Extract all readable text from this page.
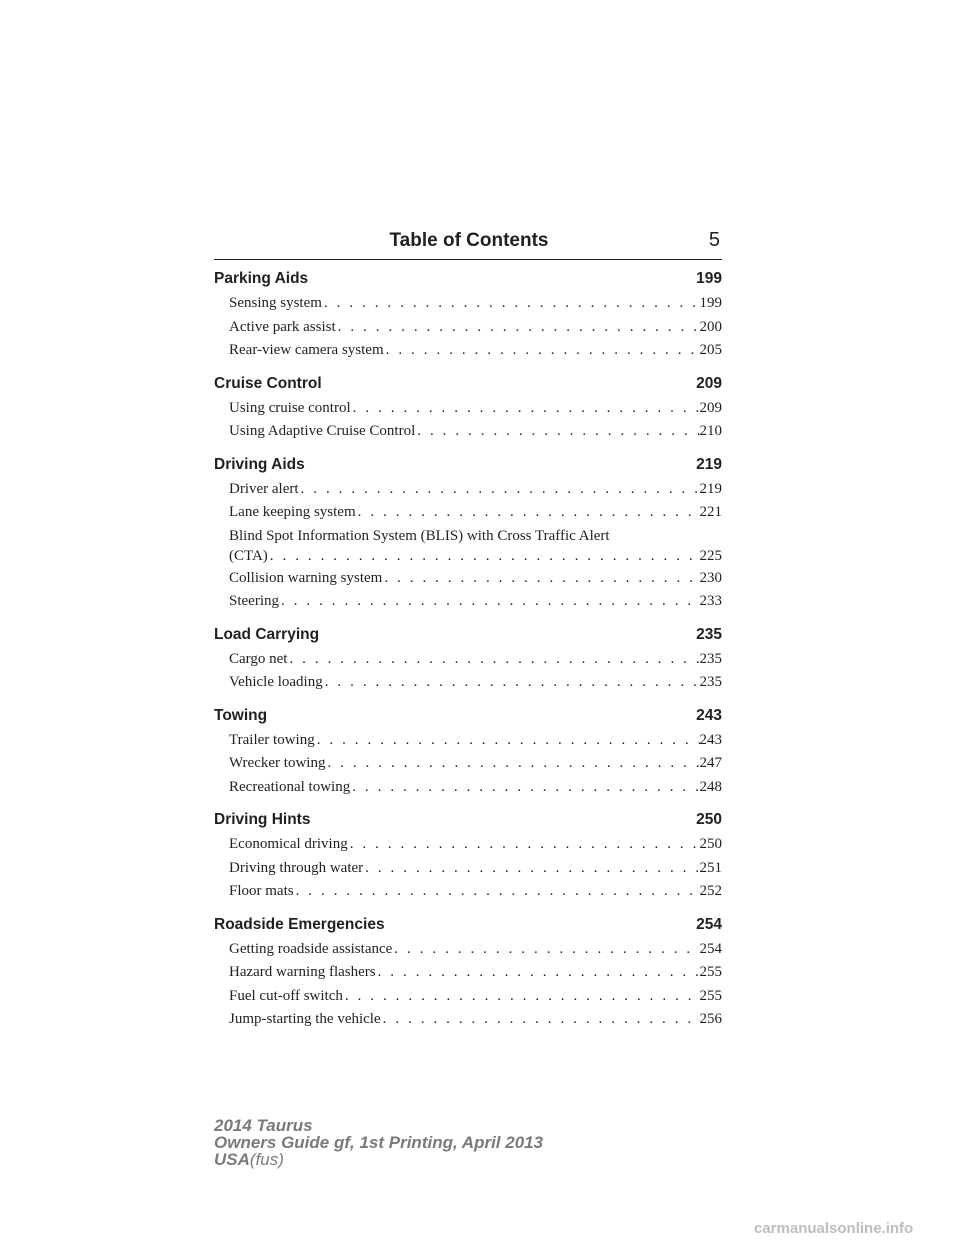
Table of Contents	5
Parking Aids	199
Sensing system . . .	199
Active park assist . . .	200
Rear-view camera system . . .	205
Cruise Control	209
Using cruise control . . .	209
Using Adaptive Cruise Control . . .	210
Driving Aids	219
Driver alert . . .	219
Lane keeping system . . .	221
Blind Spot Information System (BLIS) with Cross Traffic Alert
(CTA) . . .	225
Collision warning system . . .	230
Steering . . .	233
Load Carrying	235
Cargo net . . .	235
Vehicle loading . . .	235
Towing	243
Trailer towing . . .	243
Wrecker towing . . .	247
Recreational towing . . .	248
Driving Hints	250
Economical driving . . .	250
Driving through water . . .	251
Floor mats . . .	252
Roadside Emergencies	254
Getting roadside assistance . . .	254
Hazard warning flashers . . .	255
Fuel cut-off switch . . .	255
Jump-starting the vehicle . . .	256
2014 Taurus
Owners Guide gf, 1st Printing, April 2013
USA(fus)
carmanualsonline.info
